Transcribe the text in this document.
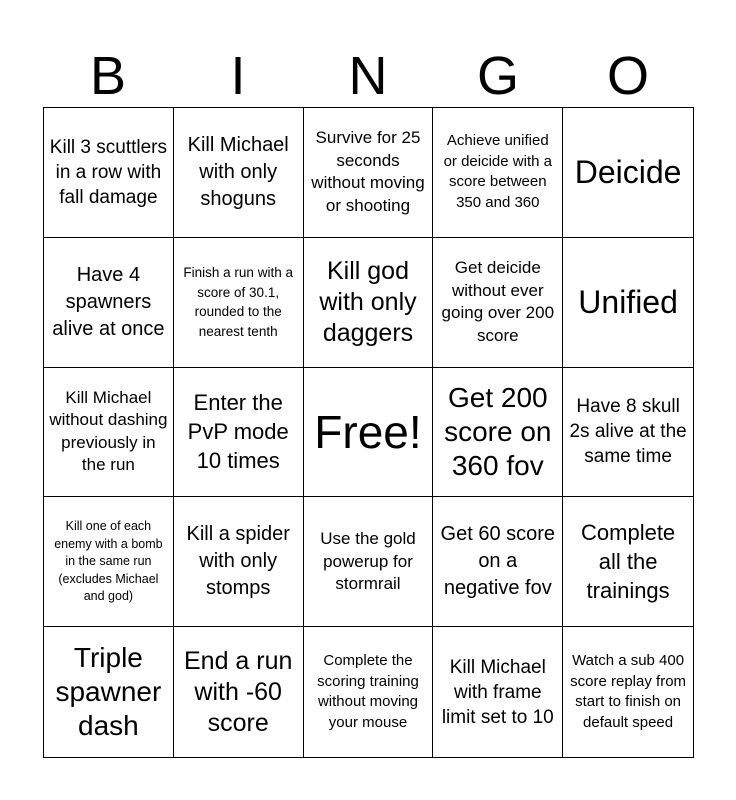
B	I	N	G	O
Kill 3 scuttlers in a row with fall damage
Kill Michael with only shoguns
Survive for 25 seconds without moving or shooting
Achieve unified or deicide with a score between 350 and 360
Deicide
Have 4 spawners alive at once
Finish a run with a score of 30.1, rounded to the nearest tenth
Kill god with only daggers
Get deicide without ever going over 200 score
Unified
Kill Michael without dashing previously in the run
Enter the PvP mode 10 times
Free!
Get 200 score on 360 fov
Have 8 skull 2s alive at the same time
Kill one of each enemy with a bomb in the same run (excludes Michael and god)
Kill a spider with only stomps
Use the gold powerup for stormrail
Get 60 score on a negative fov
Complete all the trainings
Triple spawner dash
End a run with -60 score
Complete the scoring training without moving your mouse
Kill Michael with frame limit set to 10
Watch a sub 400 score replay from start to finish on default speed
